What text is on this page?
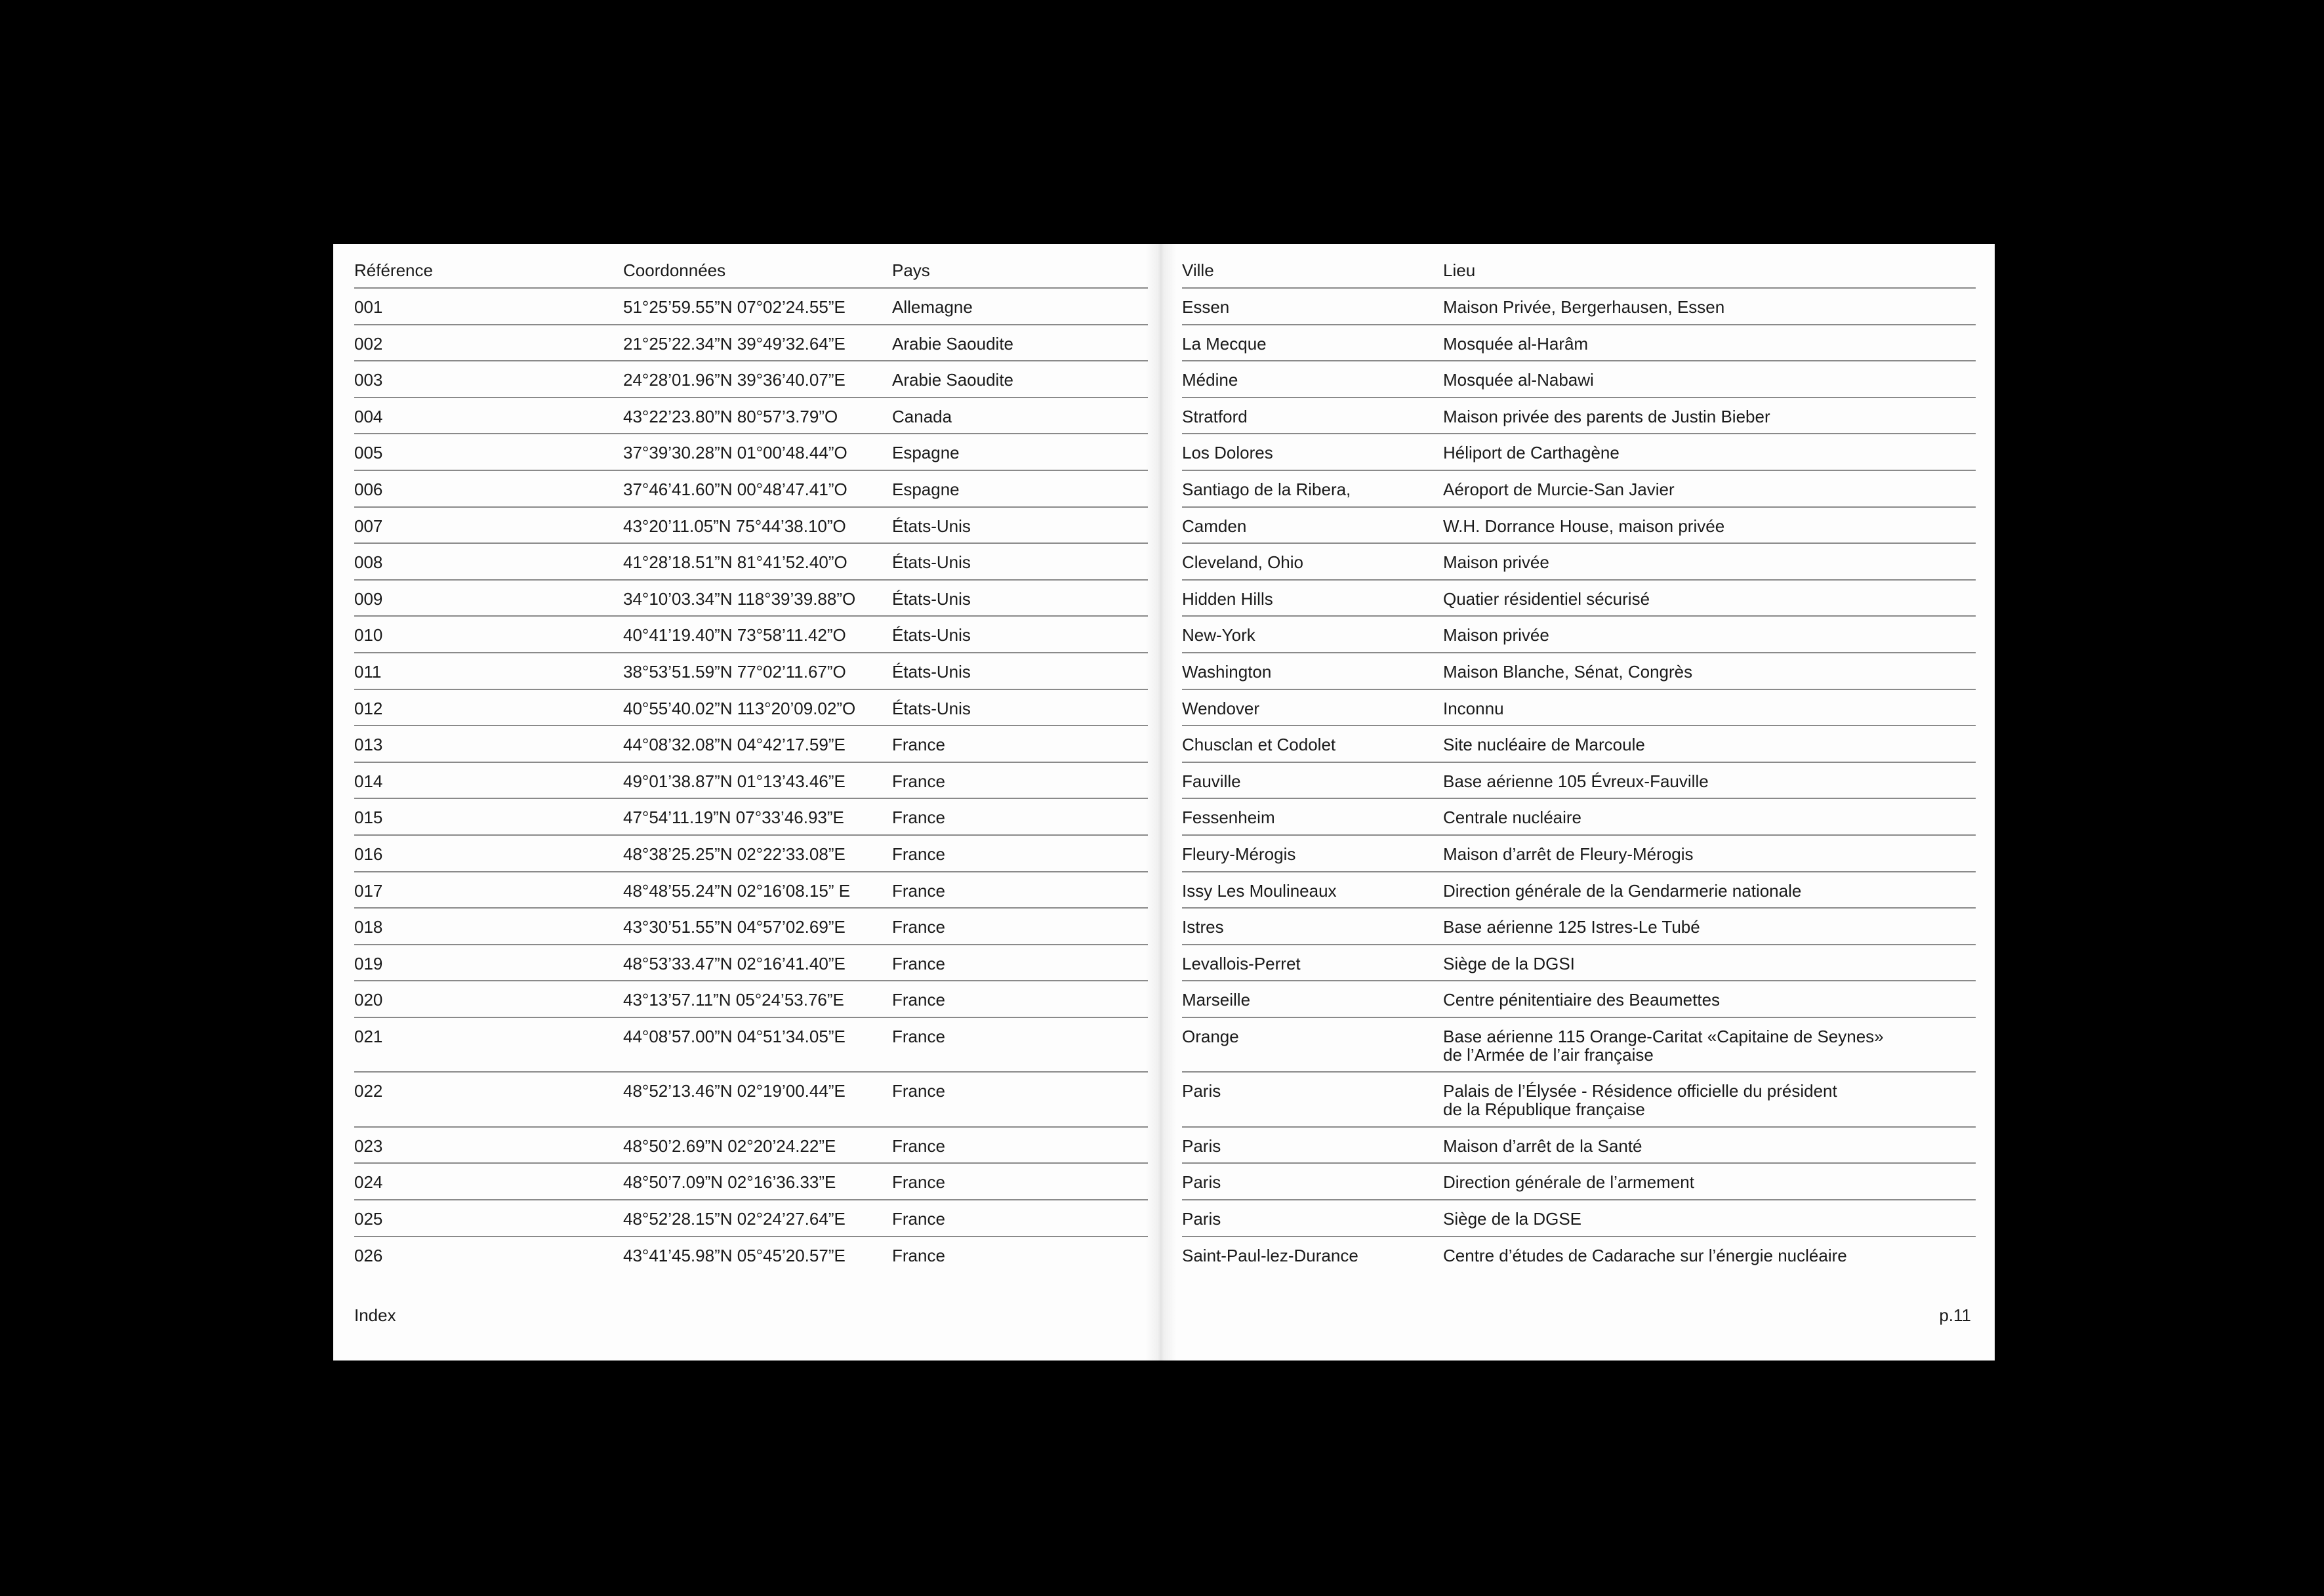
Référence	Coordonnées	Pays
001	51°25’59.55”N 07°02’24.55”E	Allemagne
002	21°25’22.34”N 39°49’32.64”E	Arabie Saoudite
003	24°28’01.96”N 39°36’40.07”E	Arabie Saoudite
004	43°22’23.80”N 80°57’3.79”O	Canada
005	37°39’30.28”N 01°00’48.44”O	Espagne
006	37°46’41.60”N 00°48’47.41”O	Espagne
007	43°20’11.05”N 75°44’38.10”O	États-Unis
008	41°28’18.51”N 81°41’52.40”O	États-Unis
009	34°10’03.34”N 118°39’39.88”O États-Unis
010	40°41’19.40”N 73°58’11.42”O	États-Unis
011	38°53’51.59”N 77°02’11.67”O	États-Unis
012	40°55’40.02”N 113°20’09.02”O États-Unis
013	44°08’32.08”N 04°42’17.59”E	France
014	49°01’38.87”N 01°13’43.46”E	France
015	47°54’11.19”N 07°33’46.93”E	France
016	48°38’25.25”N 02°22’33.08”E	France
017	48°48’55.24”N 02°16’08.15” E France
018	43°30’51.55”N 04°57’02.69”E	France
019	48°53’33.47”N 02°16’41.40”E	France
020	43°13’57.11”N 05°24’53.76”E	France
021	44°08’57.00”N 04°51’34.05”E	France
022	48°52’13.46”N 02°19’00.44”E	France
023	48°50’2.69”N 02°20’24.22”E	France
024	48°50’7.09”N 02°16’36.33”E	France
025	48°52’28.15”N 02°24’27.64”E	France
026	43°41’45.98”N 05°45’20.57”E	France
Index
Ville	Lieu
Essen	Maison Privée, Bergerhausen, Essen
La Mecque	Mosquée al-Harâm
Médine	Mosquée al-Nabawi
Stratford	Maison privée des parents de Justin Bieber
Los Dolores	Héliport de Carthagène
Santiago de la Ribera,	Aéroport de Murcie-San Javier
Camden	W.H. Dorrance House, maison privée
Cleveland, Ohio	Maison privée
Hidden Hills	Quatier résidentiel sécurisé
New-York	Maison privée
Washington	Maison Blanche, Sénat, Congrès
Wendover	Inconnu
Chusclan et Codolet	Site nucléaire de Marcoule
Fauville	Base aérienne 105 Évreux-Fauville
Fessenheim	Centrale nucléaire
Fleury-Mérogis	Maison d’arrêt de Fleury-Mérogis
Issy Les Moulineaux	Direction générale de la Gendarmerie nationale
Istres	Base aérienne 125 Istres-Le Tubé
Levallois-Perret	Siège de la DGSI
Marseille	Centre pénitentiaire des Beaumettes
Orange	Base aérienne 115 Orange-Caritat «Capitaine de Seynes»
de l’Armée de l’air française
Paris	Palais de l’Élysée - Résidence officielle du président
de la République française
Paris	Maison d’arrêt de la Santé
Paris	Direction générale de l’armement
Paris	Siège de la DGSE
Saint-Paul-lez-Durance	Centre d’études de Cadarache sur l’énergie nucléaire
p.11
